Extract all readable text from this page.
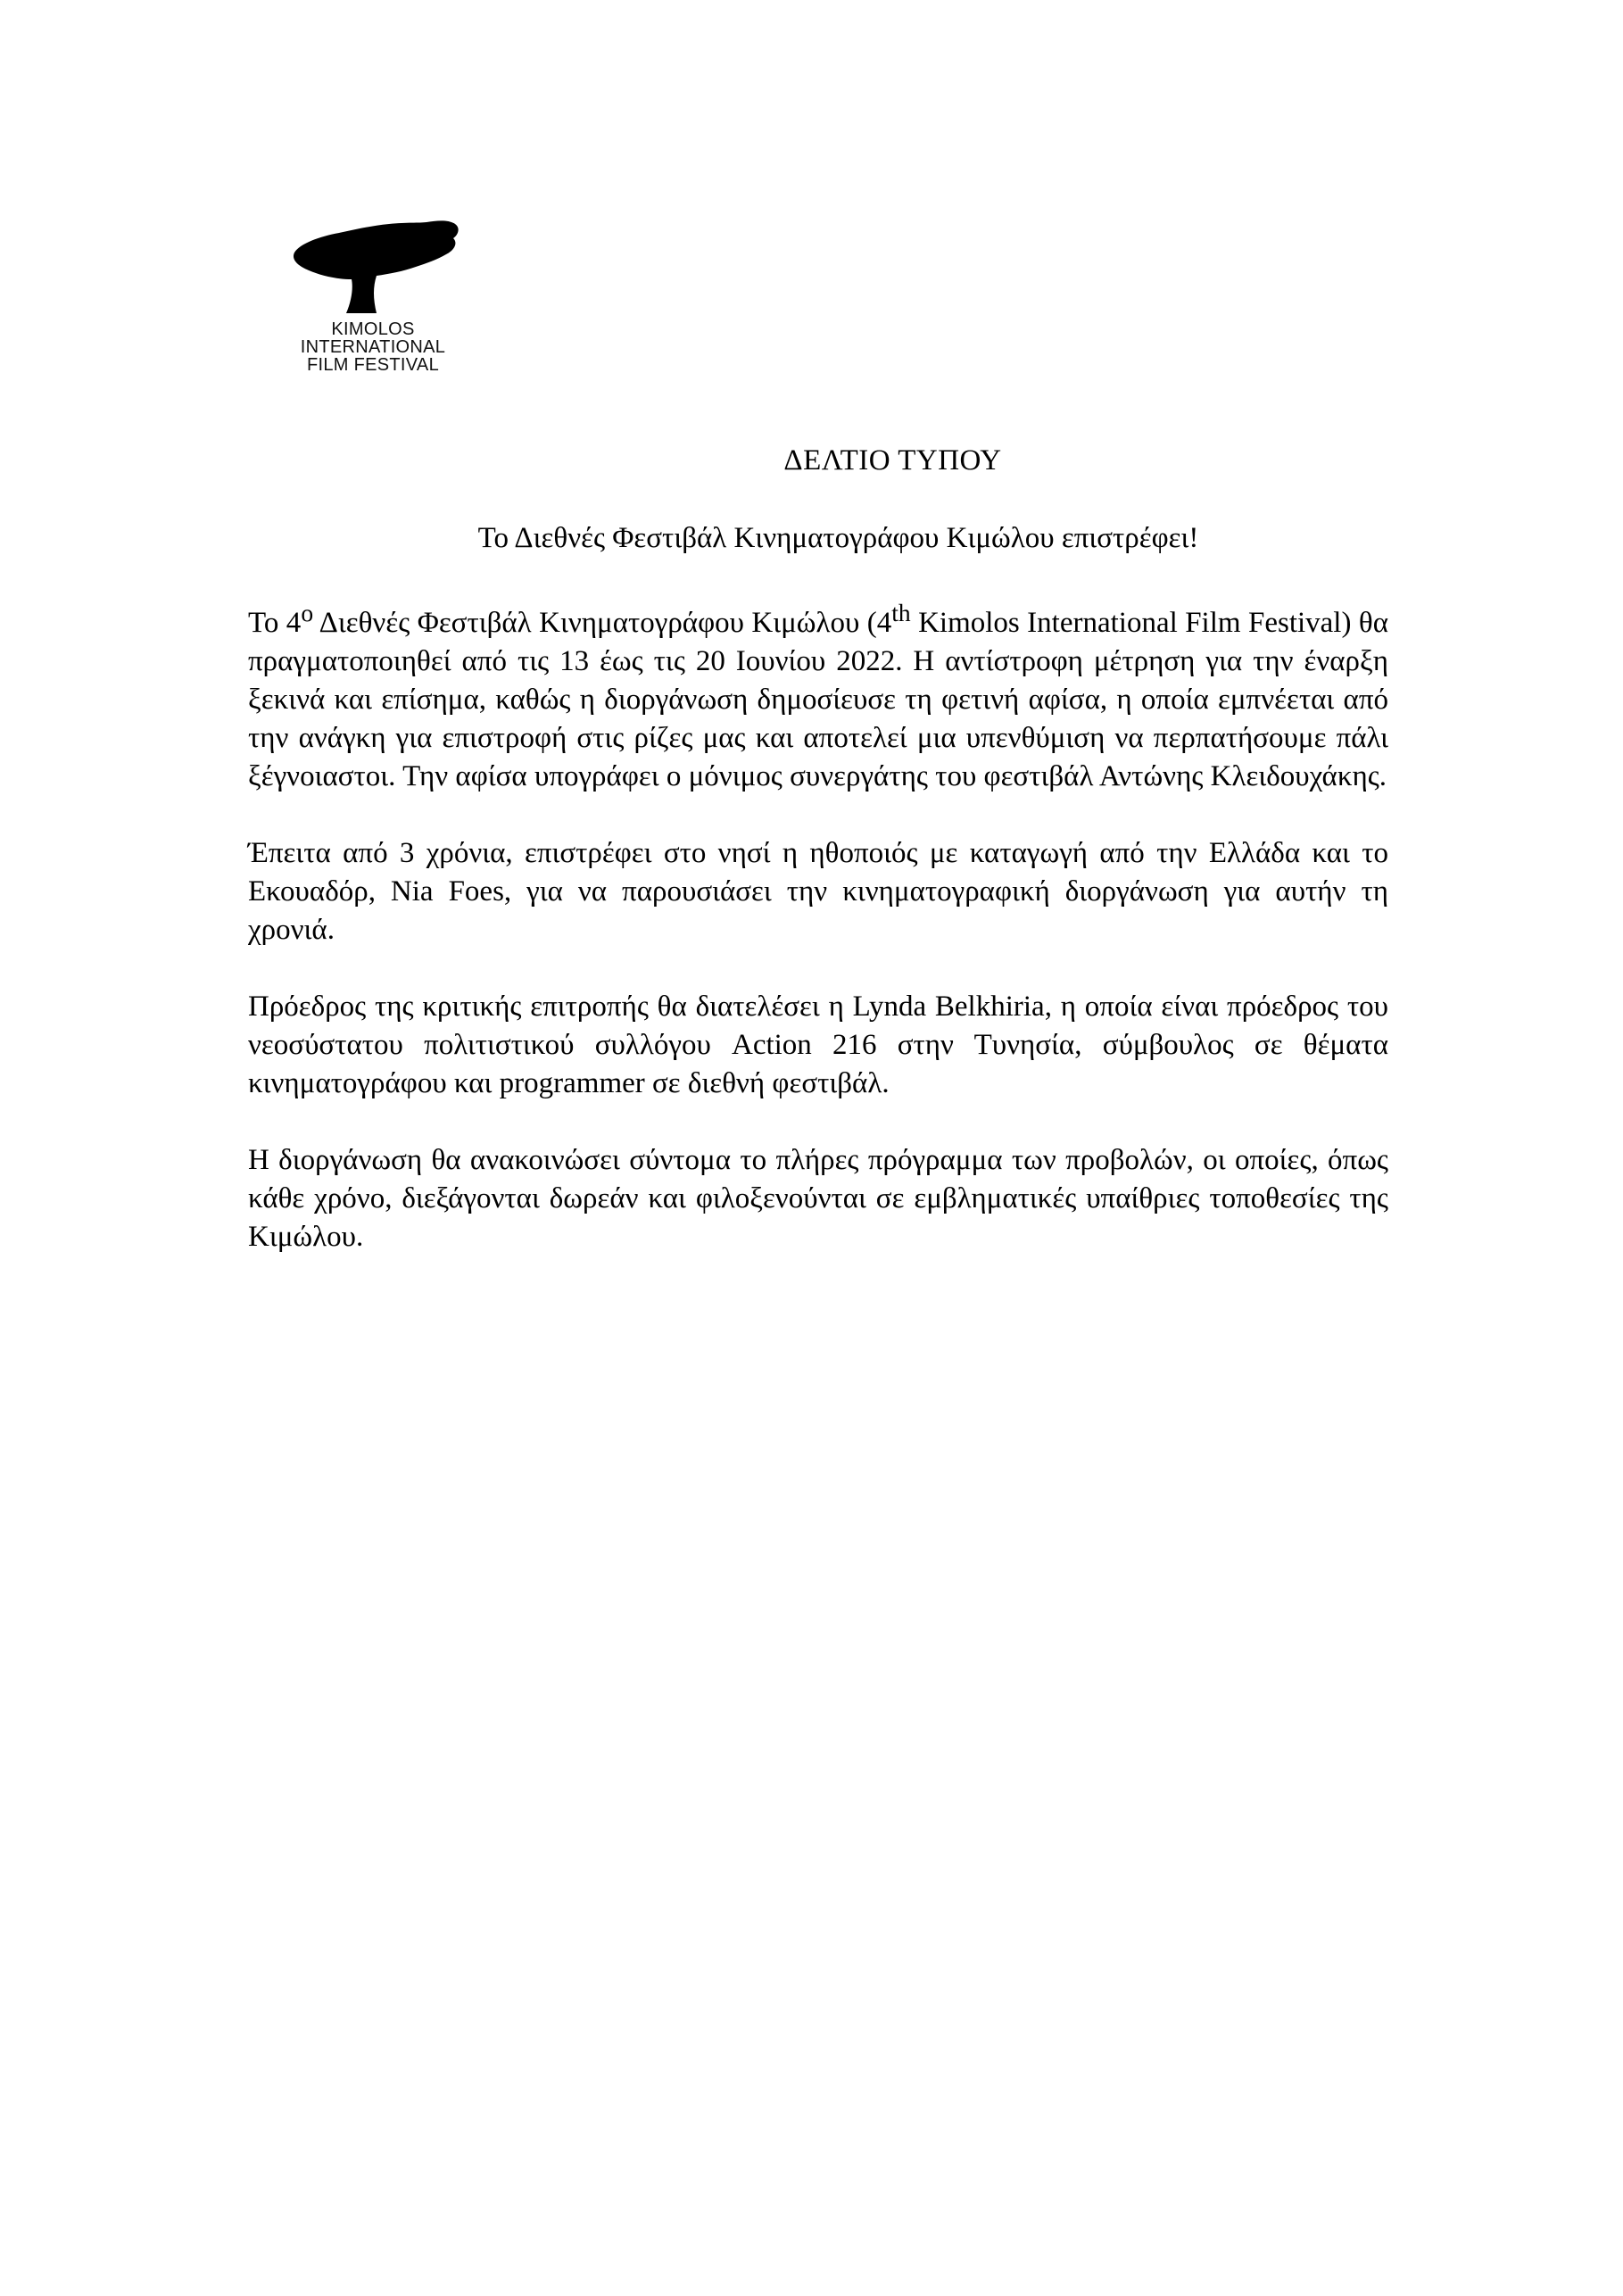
KIMOLOS
INTERNATIONAL
FILM FESTIVAL
ΔΕΛΤΙΟ ΤΥΠΟΥ
Το Διεθνές Φεστιβάλ Κινηματογράφου Κιμώλου επιστρέφει!

Το $4^o$ Διεθνές Φεστιβάλ Κινηματογράφου Κιμώλου (4th Kimolos International Film Festival) θα πραγματοποιηθεί από τις 13 έως τις 20 Ιουνίου 2022. Η αντίστροφη μέτρηση για την έναρξη ξεκινά και επίσημα, καθώς η διοργάνωση δημοσίευσε τη φετινή αφίσα, η οποία εμπνέεται από την ανάγκη για επιστροφή στις ρίζες μας και αποτελεί μια υπενθύμιση να περπατήσουμε πάλι ξέγνοιαστοι. Την αφίσα υπογράφει ο μόνιμος συνεργάτης του φεστιβάλ Αντώνης Κλειδουχάκης.

Έπειτα από 3 χρόνια, επιστρέφει στο νησί η ηθοποιός με καταγωγή από την Ελλάδα και το Εκουαδόρ, Nia Foes, για να παρουσιάσει την κινηματογραφική διοργάνωση για αυτήν τη χρονιά.

Πρόεδρος της κριτικής επιτροπής θα διατελέσει η Lynda Belkhiria, η οποία είναι πρόεδρος του νεοσύστατου πολιτιστικού συλλόγου Action 216 στην Τυνησία, σύμβουλος σε θέματα κινηματογράφου και programmer σε διεθνή φεστιβάλ.

Η διοργάνωση θα ανακοινώσει σύντομα το πλήρες πρόγραμμα των προβολών, οι οποίες, όπως κάθε χρόνο, διεξάγονται δωρεάν και φιλοξενούνται σε εμβληματικές υπαίθριες τοποθεσίες της Κιμώλου.
